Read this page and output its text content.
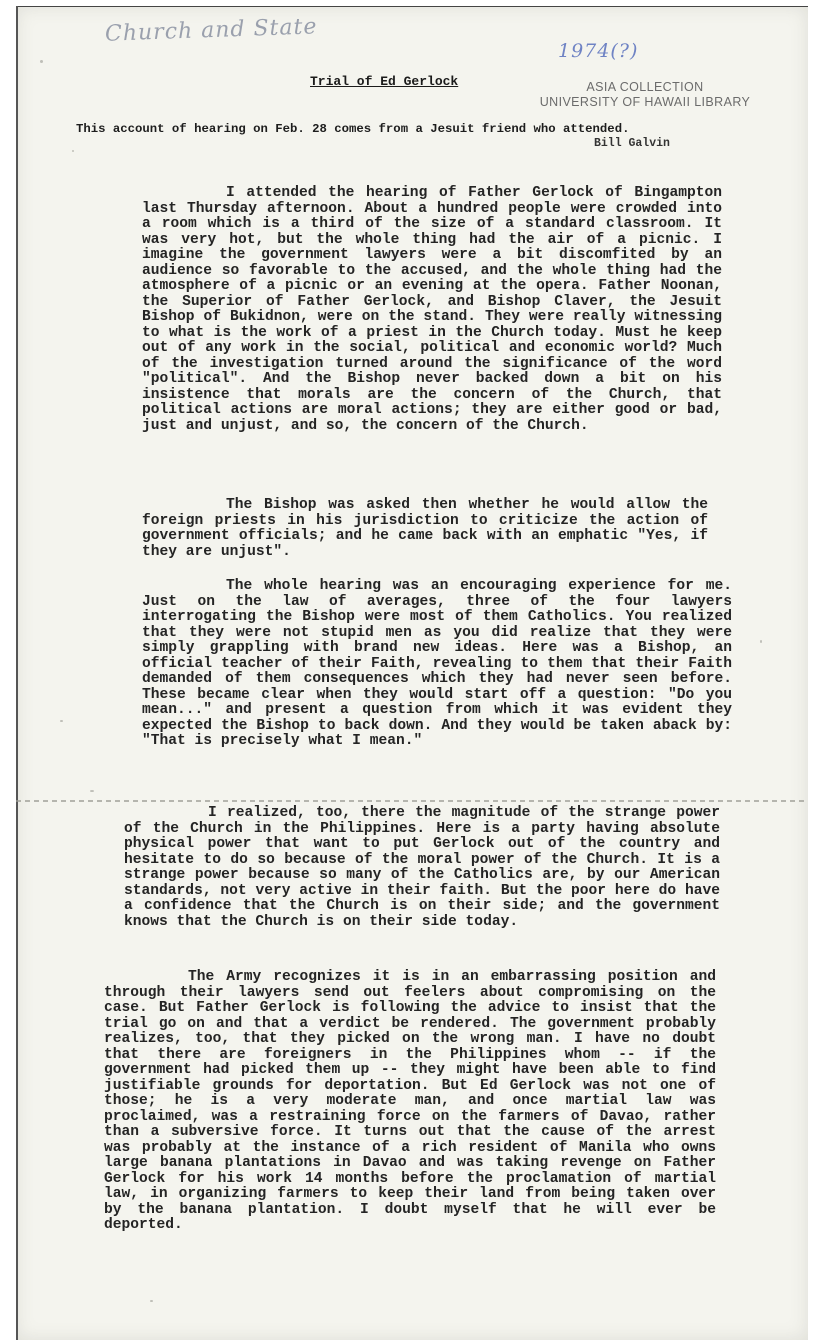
Church and State
1974(?)
ASIA COLLECTION
UNIVERSITY OF HAWAII LIBRARY
Trial of Ed Gerlock
This account of hearing on Feb. 28 comes from a Jesuit friend who attended.
Bill Galvin

I attended the hearing of Father Gerlock of Bingampton last Thursday afternoon. About a hundred people were crowded into a room which is a third of the size of a standard classroom. It was very hot, but the whole thing had the air of a picnic. I imagine the government lawyers were a bit discomfited by an audience so favorable to the accused, and the whole thing had the atmosphere of a picnic or an evening at the opera. Father Noonan, the Superior of Father Gerlock, and Bishop Claver, the Jesuit Bishop of Bukidnon, were on the stand. They were really witnessing to what is the work of a priest in the Church today. Must he keep out of any work in the social, political and economic world? Much of the investigation turned around the significance of the word "political". And the Bishop never backed down a bit on his insistence that morals are the concern of the Church, that political actions are moral actions; they are either good or bad, just and unjust, and so, the concern of the Church.

The Bishop was asked then whether he would allow the foreign priests in his jurisdiction to criticize the action of government officials; and he came back with an emphatic "Yes, if they are unjust".

The whole hearing was an encouraging experience for me. Just on the law of averages, three of the four lawyers interrogating the Bishop were most of them Catholics. You realized that they were not stupid men as you did realize that they were simply grappling with brand new ideas. Here was a Bishop, an official teacher of their Faith, revealing to them that their Faith demanded of them consequences which they had never seen before. These became clear when they would start off a question: "Do you mean..." and present a question from which it was evident they expected the Bishop to back down. And they would be taken aback by: "That is precisely what I mean."

I realized, too, there the magnitude of the strange power of the Church in the Philippines. Here is a party having absolute physical power that want to put Gerlock out of the country and hesitate to do so because of the moral power of the Church. It is a strange power because so many of the Catholics are, by our American standards, not very active in their faith. But the poor here do have a confidence that the Church is on their side; and the government knows that the Church is on their side today.

The Army recognizes it is in an embarrassing position and through their lawyers send out feelers about compromising on the case. But Father Gerlock is following the advice to insist that the trial go on and that a verdict be rendered. The government probably realizes, too, that they picked on the wrong man. I have no doubt that there are foreigners in the Philippines whom -- if the government had picked them up -- they might have been able to find justifiable grounds for deportation. But Ed Gerlock was not one of those; he is a very moderate man, and once martial law was proclaimed, was a restraining force on the farmers of Davao, rather than a subversive force. It turns out that the cause of the arrest was probably at the instance of a rich resident of Manila who owns large banana plantations in Davao and was taking revenge on Father Gerlock for his work 14 months before the proclamation of martial law, in organizing farmers to keep their land from being taken over by the banana plantation. I doubt myself that he will ever be deported.
